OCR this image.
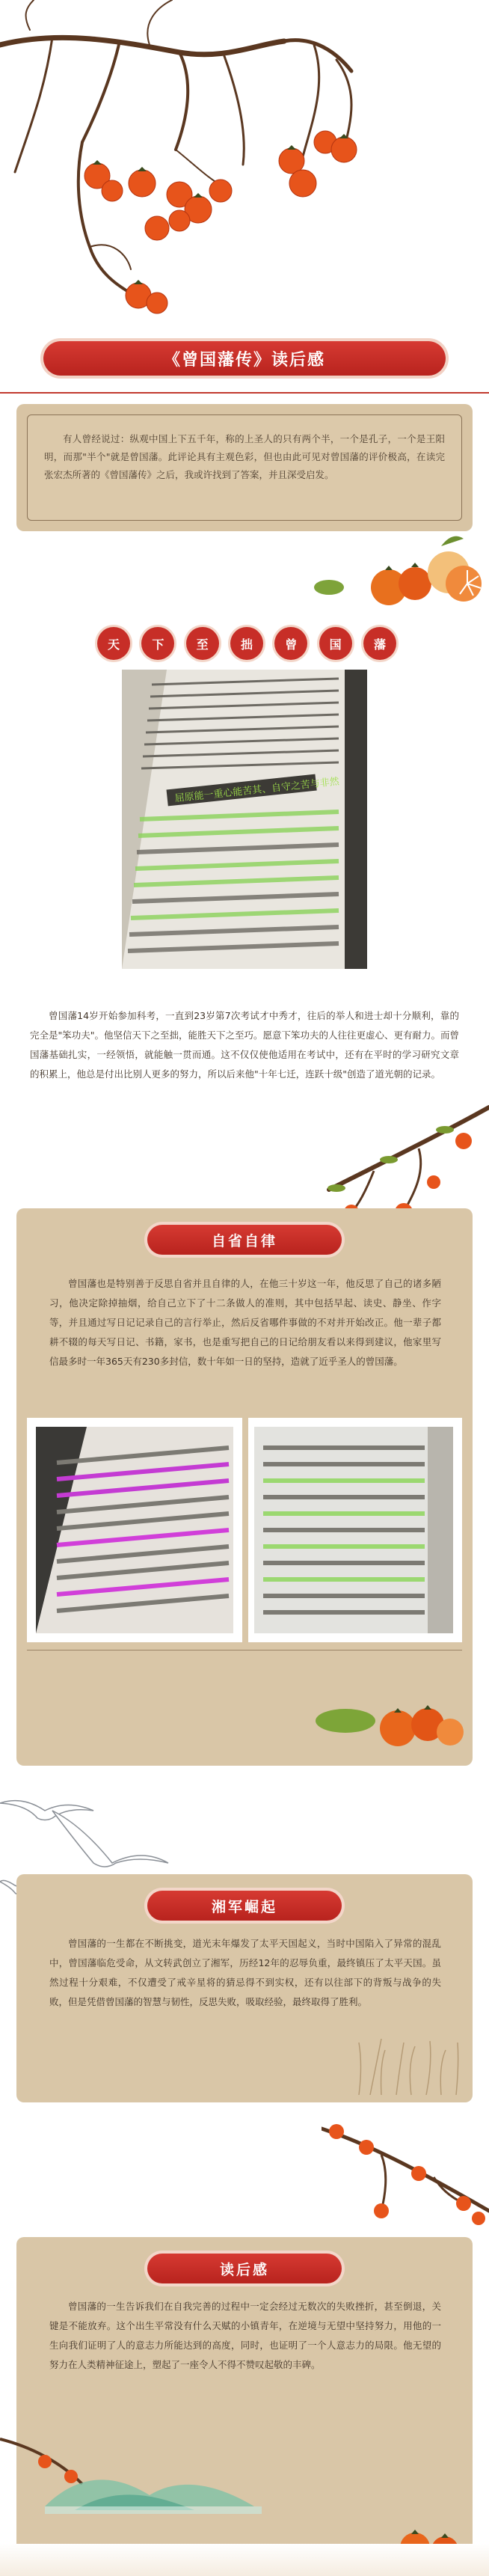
《曾国藩传》读后感

有人曾经说过：纵观中国上下五千年，称的上圣人的只有两个半，一个是孔子，一个是王阳明，而那"半个"就是曾国藩。此评论具有主观色彩，但也由此可见对曾国藩的评价极高，在读完张宏杰所著的《曾国藩传》之后，我或许找到了答案，并且深受启发。

天	下	至	拙	曾	国	藩
屈原能一重心能苦其、自守之苦与非然

曾国藩14岁开始参加科考，一直到23岁第7次考试才中秀才，往后的举人和进士却十分顺利，靠的完全是"笨功夫"。他坚信天下之至拙，能胜天下之至巧。愿意下笨功夫的人往往更虚心、更有耐力。而曾国藩基础扎实，一经领悟，就能触一贯而通。这不仅仅使他适用在考试中，还有在平时的学习研究文章的积累上，他总是付出比别人更多的努力，所以后来他"十年七迁，连跃十级"创造了道光朝的记录。

自省自律

曾国藩也是特别善于反思自省并且自律的人，在他三十岁这一年，他反思了自己的诸多陋习，他决定除掉抽烟，给自己立下了十二条做人的准则，其中包括早起、读史、静坐、作字等，并且通过写日记记录自己的言行举止，然后反省哪件事做的不对并开始改正。他一辈子都耕不辍的每天写日记、书籍，家书，也是重写把自己的日记给朋友看以来得到建议，他家里写信最多时一年365天有230多封信，数十年如一日的坚持，造就了近乎圣人的曾国藩。

湘军崛起

曾国藩的一生都在不断挑变，道光末年爆发了太平天国起义，当时中国陷入了异常的混乱中，曾国藩临危受命，从文转武创立了湘军，历经12年的忍辱负重，最终镇压了太平天国。虽然过程十分艰难，不仅遭受了戒辛星将的猜忌得不到实权，还有以往部下的背叛与战争的失败，但是凭借曾国藩的智慧与韧性，反思失败，吸取经验，最终取得了胜利。

读后感

曾国藩的一生告诉我们在自我完善的过程中一定会经过无数次的失败挫折，甚至倒退，关键是不能放弃。这个出生平常没有什么天赋的小镇青年，在逆境与无望中坚持努力，用他的一生向我们证明了人的意志力所能达到的高度，同时，也证明了一个人意志力的局限。他无望的努力在人类精神征途上，塑起了一座令人不得不赞叹起敬的丰碑。
